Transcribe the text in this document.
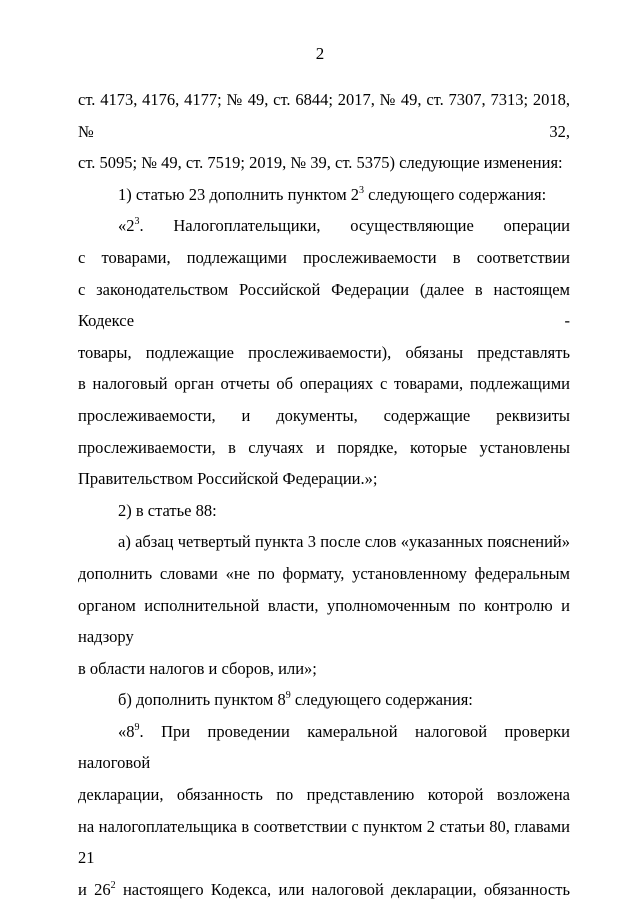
2
ст. 4173, 4176, 4177; № 49, ст. 6844; 2017, № 49, ст. 7307, 7313; 2018, № 32,
ст. 5095; № 49, ст. 7519; 2019, № 39, ст. 5375) следующие изменения:
1) статью 23 дополнить пунктом $2^3$ следующего содержания:
«$2^3$. Налогоплательщики, осуществляющие операции
с товарами, подлежащими прослеживаемости в соответствии
с законодательством Российской Федерации (далее в настоящем Кодексе -
товары, подлежащие прослеживаемости), обязаны представлять
в налоговый орган отчеты об операциях с товарами, подлежащими
прослеживаемости, и документы, содержащие реквизиты
прослеживаемости, в случаях и порядке, которые установлены
Правительством Российской Федерации.»;
2) в статье 88:
а) абзац четвертый пункта 3 после слов «указанных пояснений»
дополнить словами «не по формату, установленному федеральным
органом исполнительной власти, уполномоченным по контролю и надзору
в области налогов и сборов, или»;
б) дополнить пунктом $8^9$ следующего содержания:
«$8^9$. При проведении камеральной налоговой проверки налоговой
декларации, обязанность по представлению которой возложена
на налогоплательщика в соответствии с пунктом 2 статьи 80, главами 21
и $26^2$ настоящего Кодекса, или налоговой декларации, обязанность
